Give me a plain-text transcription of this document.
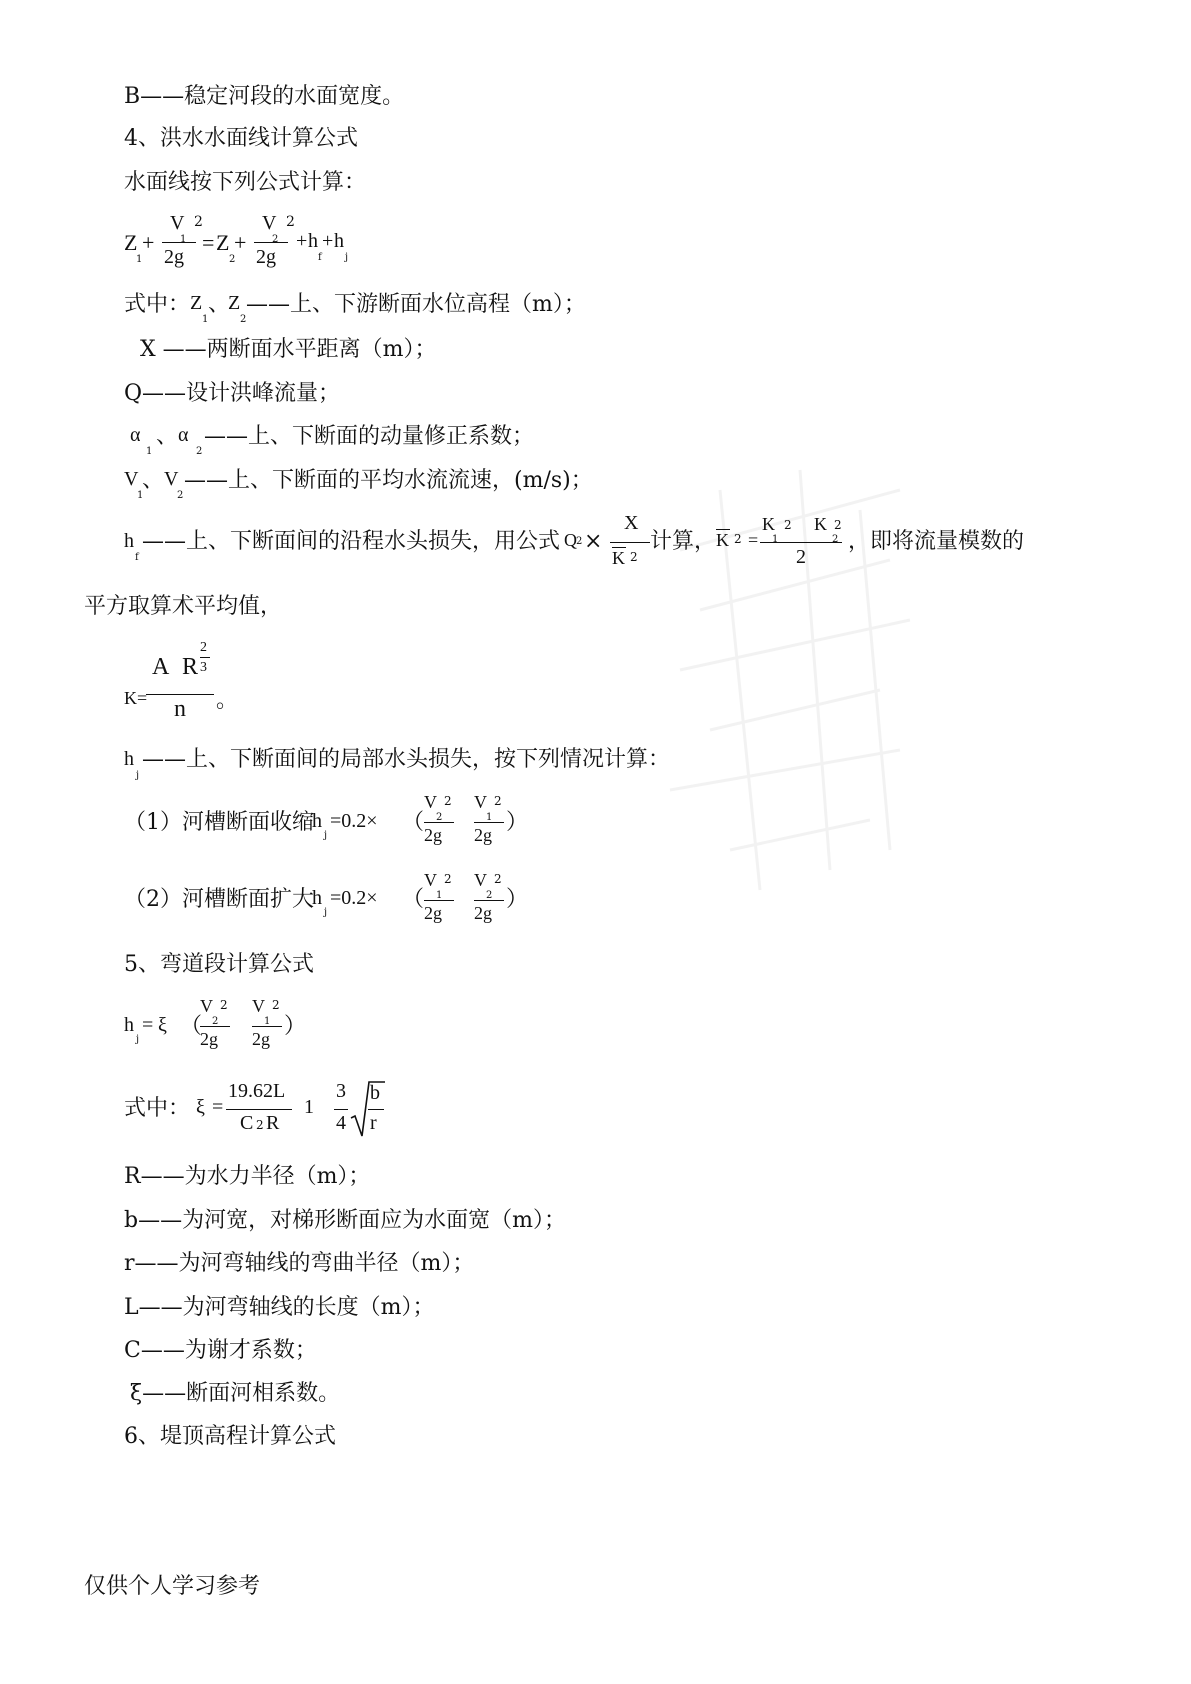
B——稳定河段的水面宽度。
4、洪水水面线计算公式
水面线按下列公式计算：
Z
1
+
V 2
1
2g
= Z
2
+
V 2
2
2g
+ h
f
+ h
j
式中： Z
1
、
Z
2
——上、下游断面水位高程（m）；
X ——两断面水平距离（m）；
Q——设计洪峰流量；
α
1
、 α
2
——上、下断面的动量修正系数；
V
1
、 V
2
——上、下断面的平均水流流速，(m/s)；
h
f
——上、下断面间的沿程水头损失，用公式 Q 2 ×
X
K 2
计算， K 2 =
K 2
1
K 2
2
2
，即将流量模数的
平方取算术平均值，
K=
A R
2
3
n 。
h
j
——上、下断面间的局部水头损失，按下列情况计算：
（1）河槽断面收缩
h
j
=0.2× （
V 2
2
2g
V 2
1
2g ）
（2）河槽断面扩大
h
j
=0.2× （
V 2
1
2g
V 2
2
2g
）
5、弯道段计算公式
h
j
= ξ （
V 2
2
2g
V 2
1
2g ）
式中： ξ =
19.62L
C 2 R
1
3
4
b
r
R——为水力半径（m）；
b——为河宽，对梯形断面应为水面宽（m）；
r——为河弯轴线的弯曲半径（m）；
L——为河弯轴线的长度（m）；
C——为谢才系数；
ξ——断面河相系数。
6、堤顶高程计算公式
仅供个人学习参考
